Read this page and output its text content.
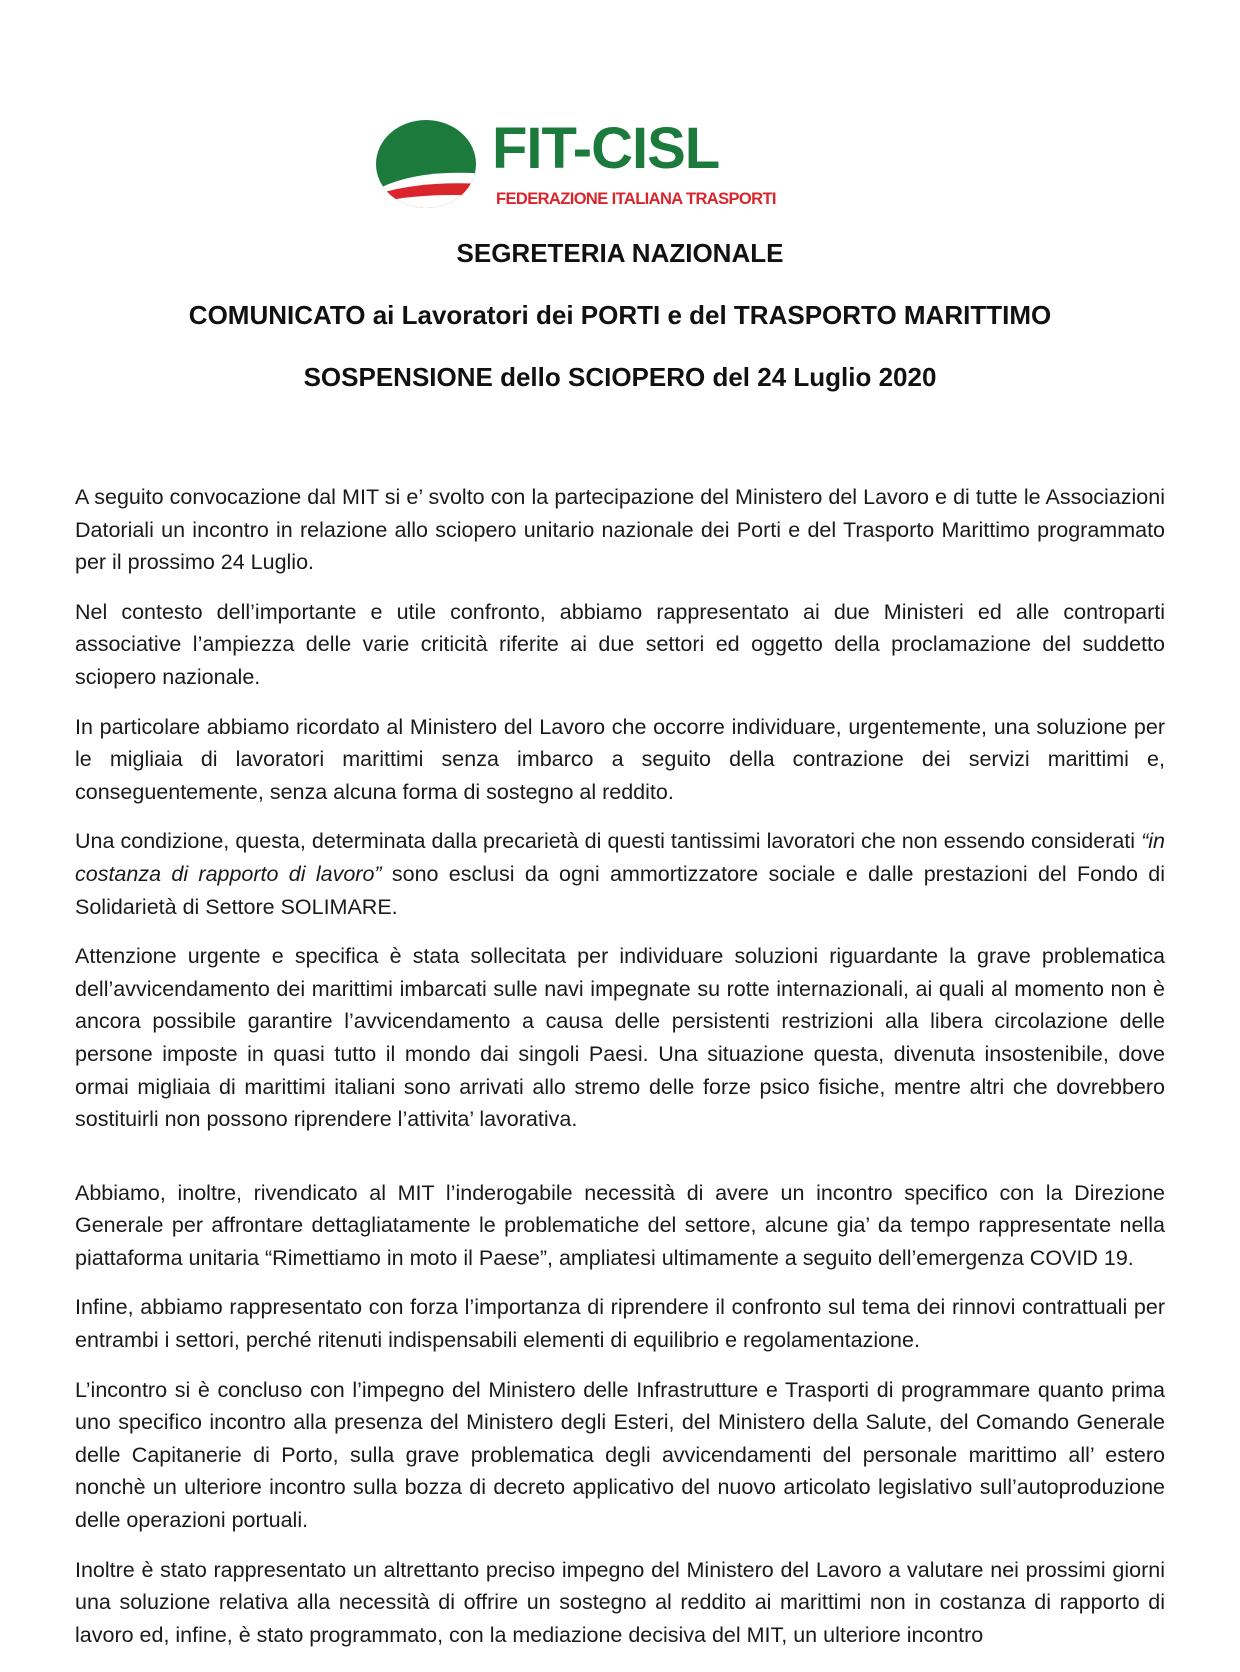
FIT-CISL
FEDERAZIONE ITALIANA TRASPORTI
SEGRETERIA NAZIONALE
COMUNICATO ai Lavoratori dei PORTI e del TRASPORTO MARITTIMO
SOSPENSIONE dello SCIOPERO del 24 Luglio 2020

A seguito convocazione dal MIT si e’ svolto con la partecipazione del Ministero del Lavoro e di tutte le Associazioni Datoriali un incontro in relazione allo sciopero unitario nazionale dei Porti e del Trasporto Marittimo programmato per il prossimo 24 Luglio.

Nel contesto dell’importante e utile confronto, abbiamo rappresentato ai due Ministeri ed alle controparti associative l’ampiezza delle varie criticità riferite ai due settori ed oggetto della proclamazione del suddetto sciopero nazionale.

In particolare abbiamo ricordato al Ministero del Lavoro che occorre individuare, urgentemente, una soluzione per le migliaia di lavoratori marittimi senza imbarco a seguito della contrazione dei servizi marittimi e, conseguentemente, senza alcuna forma di sostegno al reddito.

Una condizione, questa, determinata dalla precarietà di questi tantissimi lavoratori che non essendo considerati “in costanza di rapporto di lavoro” sono esclusi da ogni ammortizzatore sociale e dalle prestazioni del Fondo di Solidarietà di Settore SOLIMARE.

Attenzione urgente e specifica è stata sollecitata per individuare soluzioni riguardante la grave problematica dell’avvicendamento dei marittimi imbarcati sulle navi impegnate su rotte internazionali, ai quali al momento non è ancora possibile garantire l’avvicendamento a causa delle persistenti restrizioni alla libera circolazione delle persone imposte in quasi tutto il mondo dai singoli Paesi. Una situazione questa, divenuta insostenibile, dove ormai migliaia di marittimi italiani sono arrivati allo stremo delle forze psico fisiche, mentre altri che dovrebbero sostituirli non possono riprendere l’attivita’ lavorativa.

Abbiamo, inoltre, rivendicato al MIT l’inderogabile necessità di avere un incontro specifico con la Direzione Generale per affrontare dettagliatamente le problematiche del settore, alcune gia’ da tempo rappresentate nella piattaforma unitaria “Rimettiamo in moto il Paese”, ampliatesi ultimamente a seguito dell’emergenza COVID 19.

Infine, abbiamo rappresentato con forza l’importanza di riprendere il confronto sul tema dei rinnovi contrattuali per entrambi i settori, perché ritenuti indispensabili elementi di equilibrio e regolamentazione.

L’incontro si è concluso con l’impegno del Ministero delle Infrastrutture e Trasporti di programmare quanto prima uno specifico incontro alla presenza del Ministero degli Esteri, del Ministero della Salute, del Comando Generale delle Capitanerie di Porto, sulla grave problematica degli avvicendamenti del personale marittimo all’ estero nonchè un ulteriore incontro sulla bozza di decreto applicativo del nuovo articolato legislativo sull’autoproduzione delle operazioni portuali.

Inoltre è stato rappresentato un altrettanto preciso impegno del Ministero del Lavoro a valutare nei prossimi giorni una soluzione relativa alla necessità di offrire un sostegno al reddito ai marittimi non in costanza di rapporto di lavoro ed, infine, è stato programmato, con la mediazione decisiva del MIT, un ulteriore incontro
